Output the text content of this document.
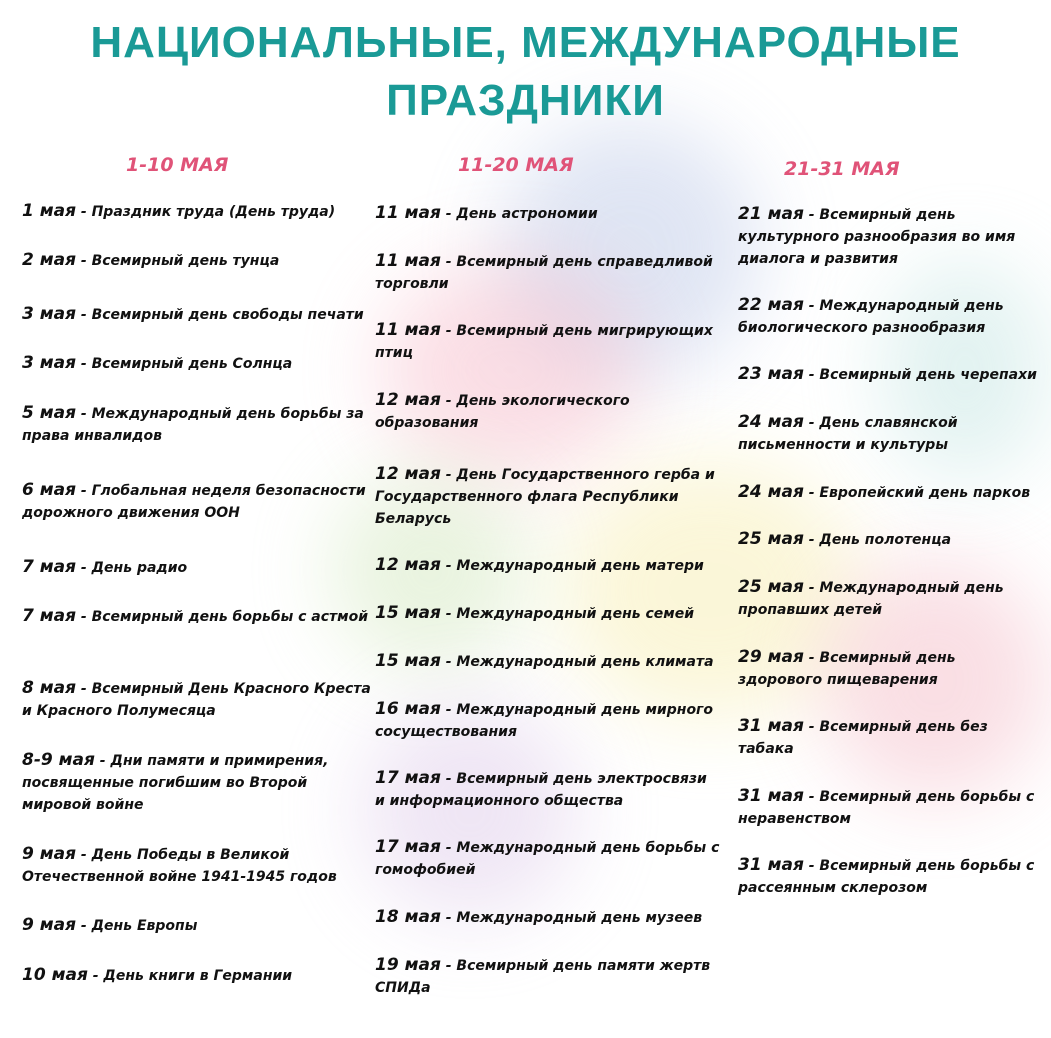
НАЦИОНАЛЬНЫЕ, МЕЖДУНАРОДНЫЕ
ПРАЗДНИКИ
1-10 МАЯ	11-20 МАЯ	21-31 МАЯ
1 мая - Праздник труда (День труда)
2 мая - Всемирный день тунца
3 мая - Всемирный день свободы печати
3 мая - Всемирный день Солнца
5 мая - Международный день борьбы за права инвалидов
6 мая - Глобальная неделя безопасности дорожного движения ООН
7 мая - День радио
7 мая - Всемирный день борьбы с астмой
8 мая - Всемирный День Красного Креста и Красного Полумесяца
8-9 мая - Дни памяти и примирения, посвященные погибшим во Второй мировой войне
9 мая - День Победы в Великой Отечественной войне 1941-1945 годов
9 мая - День Европы
10 мая - День книги в Германии
11 мая - День астрономии
11 мая - Всемирный день справедливой торговли
11 мая - Всемирный день мигрирующих птиц
12 мая - День экологического образования
12 мая - День Государственного герба и Государственного флага Республики Беларусь
12 мая - Международный день матери
15 мая - Международный день семей
15 мая - Международный день климата
16 мая - Международный день мирного сосуществования
17 мая - Всемирный день электросвязи и информационного общества
17 мая - Международный день борьбы с гомофобией
18 мая - Международный день музеев
19 мая - Всемирный день памяти жертв СПИДа
21 мая - Всемирный день культурного разнообразия во имя диалога и развития
22 мая - Международный день биологического разнообразия
23 мая - Всемирный день черепахи
24 мая - День славянской письменности и культуры
24 мая - Европейский день парков
25 мая - День полотенца
25 мая - Международный день пропавших детей
29 мая - Всемирный день здорового пищеварения
31 мая - Всемирный день без табака
31 мая - Всемирный день борьбы с неравенством
31 мая - Всемирный день борьбы с рассеянным склерозом
